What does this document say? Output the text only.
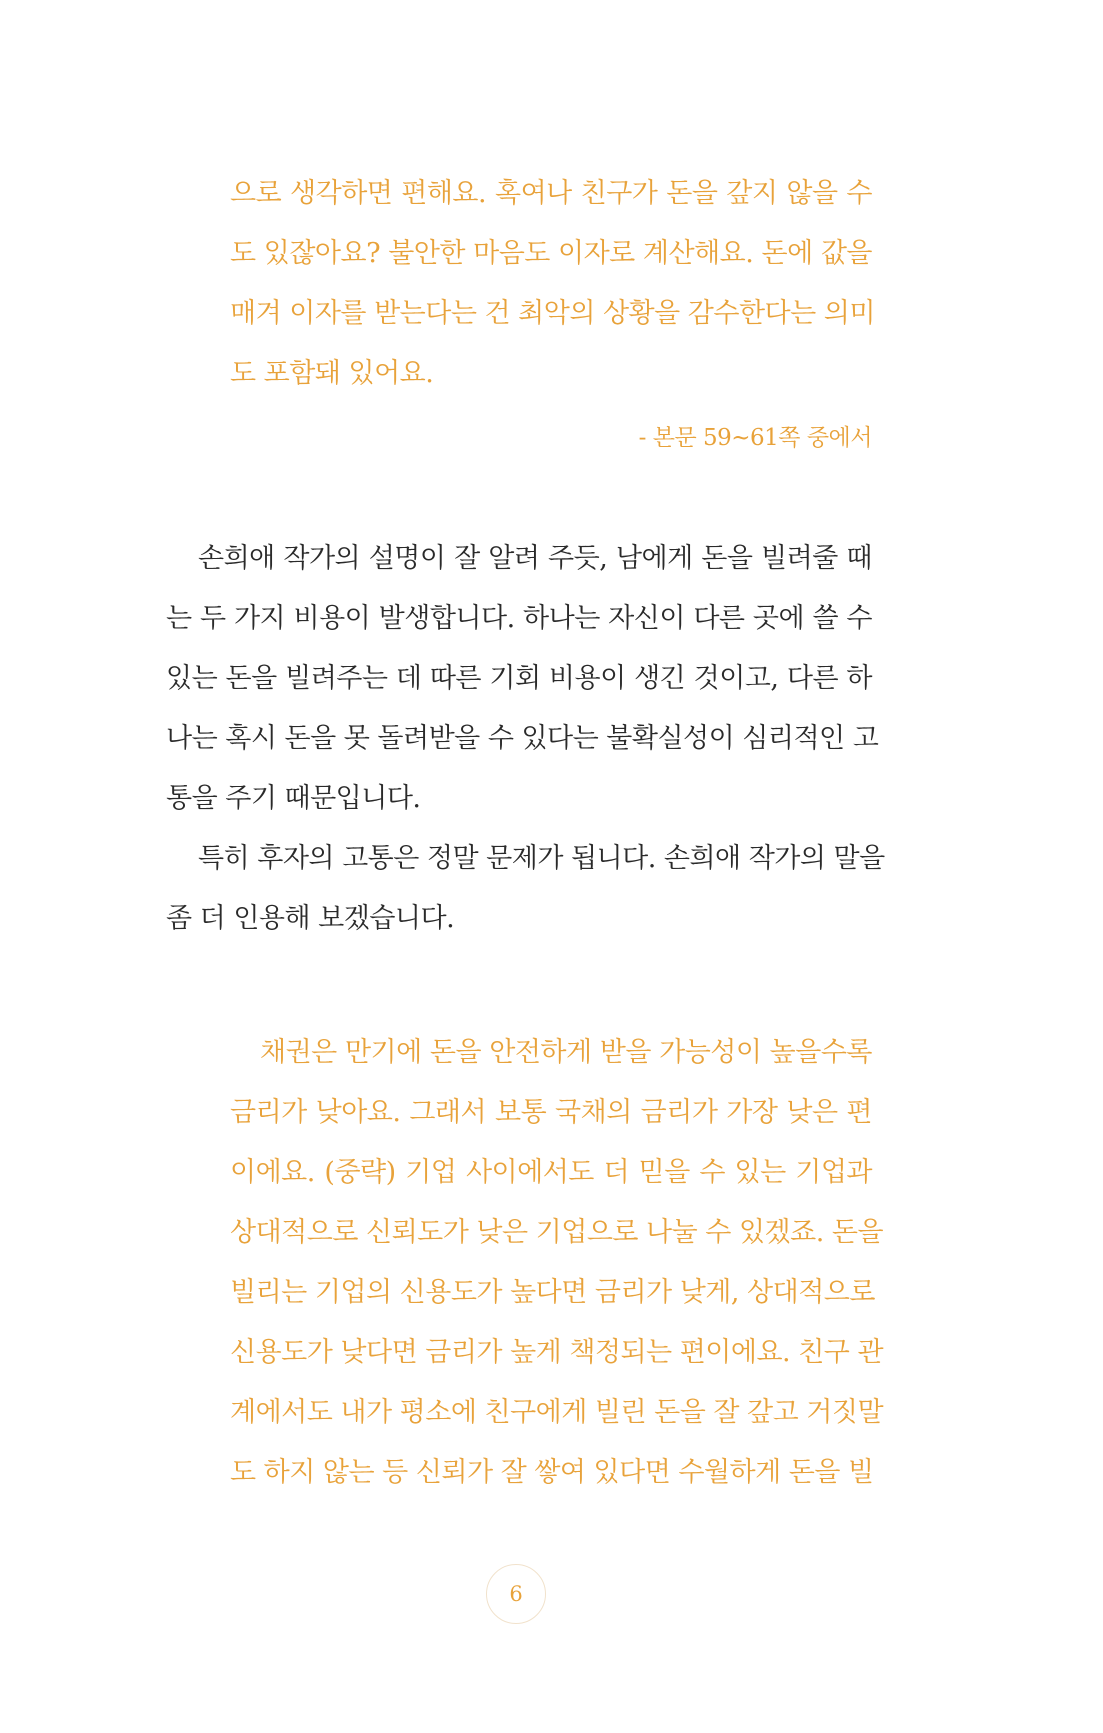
으로 생각하면 편해요. 혹여나 친구가 돈을 갚지 않을 수
도 있잖아요? 불안한 마음도 이자로 계산해요. 돈에 값을
매겨 이자를 받는다는 건 최악의 상황을 감수한다는 의미
도 포함돼 있어요.
- 본문 59~61쪽 중에서
손희애 작가의 설명이 잘 알려 주듯, 남에게 돈을 빌려줄 때
는 두 가지 비용이 발생합니다. 하나는 자신이 다른 곳에 쓸 수
있는 돈을 빌려주는 데 따른 기회 비용이 생긴 것이고, 다른 하
나는 혹시 돈을 못 돌려받을 수 있다는 불확실성이 심리적인 고
통을 주기 때문입니다.
특히 후자의 고통은 정말 문제가 됩니다. 손희애 작가의 말을
좀 더 인용해 보겠습니다.
채권은 만기에 돈을 안전하게 받을 가능성이 높을수록
금리가 낮아요. 그래서 보통 국채의 금리가 가장 낮은 편
이에요. (중략) 기업 사이에서도 더 믿을 수 있는 기업과
상대적으로 신뢰도가 낮은 기업으로 나눌 수 있겠죠. 돈을
빌리는 기업의 신용도가 높다면 금리가 낮게, 상대적으로
신용도가 낮다면 금리가 높게 책정되는 편이에요. 친구 관
계에서도 내가 평소에 친구에게 빌린 돈을 잘 갚고 거짓말
도 하지 않는 등 신뢰가 잘 쌓여 있다면 수월하게 돈을 빌
6
